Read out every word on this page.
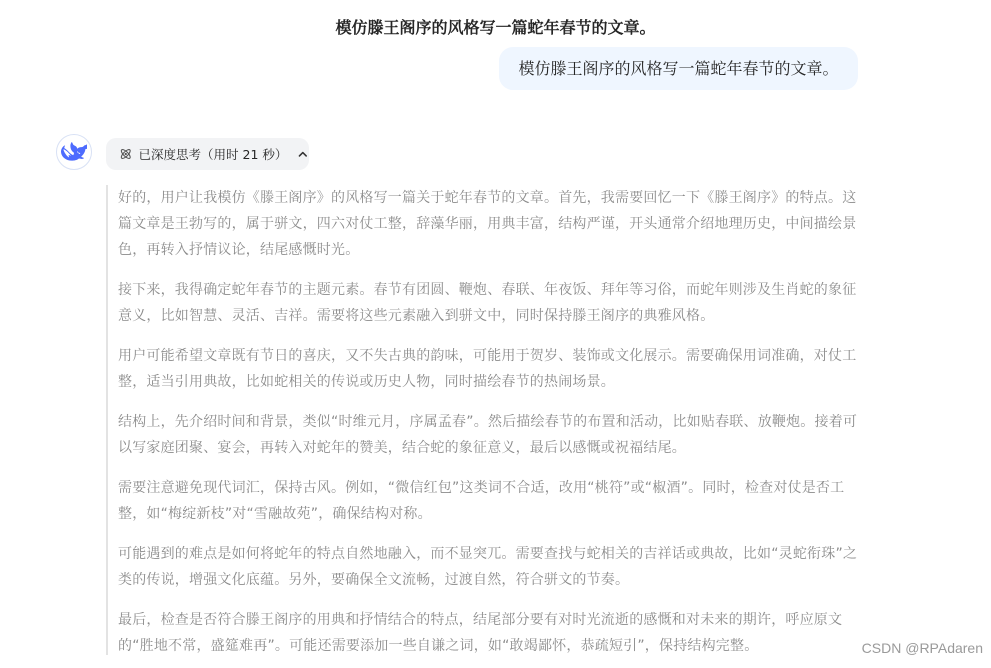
模仿滕王阁序的风格写一篇蛇年春节的文章。
模仿滕王阁序的风格写一篇蛇年春节的文章。
已深度思考（用时 21 秒）

好的，用户让我模仿《滕王阁序》的风格写一篇关于蛇年春节的文章。首先，我需要回忆一下《滕王阁序》的特点。这篇文章是王勃写的，属于骈文，四六对仗工整，辞藻华丽，用典丰富，结构严谨，开头通常介绍地理历史，中间描绘景色，再转入抒情议论，结尾感慨时光。

接下来，我得确定蛇年春节的主题元素。春节有团圆、鞭炮、春联、年夜饭、拜年等习俗，而蛇年则涉及生肖蛇的象征意义，比如智慧、灵活、吉祥。需要将这些元素融入到骈文中，同时保持滕王阁序的典雅风格。

用户可能希望文章既有节日的喜庆，又不失古典的韵味，可能用于贺岁、装饰或文化展示。需要确保用词准确，对仗工整，适当引用典故，比如蛇相关的传说或历史人物，同时描绘春节的热闹场景。

结构上，先介绍时间和背景，类似“时维元月，序属孟春”。然后描绘春节的布置和活动，比如贴春联、放鞭炮。接着可以写家庭团聚、宴会，再转入对蛇年的赞美，结合蛇的象征意义，最后以感慨或祝福结尾。

需要注意避免现代词汇，保持古风。例如，“微信红包”这类词不合适，改用“桃符”或“椒酒”。同时，检查对仗是否工整，如“梅绽新枝”对“雪融故苑”，确保结构对称。

可能遇到的难点是如何将蛇年的特点自然地融入，而不显突兀。需要查找与蛇相关的吉祥话或典故，比如“灵蛇衔珠”之类的传说，增强文化底蕴。另外，要确保全文流畅，过渡自然，符合骈文的节奏。

最后，检查是否符合滕王阁序的用典和抒情结合的特点，结尾部分要有对时光流逝的感慨和对未来的期许，呼应原文的“胜地不常，盛筵难再”。可能还需要添加一些自谦之词，如“敢竭鄙怀，恭疏短引”，保持结构完整。	CSDN @RPAdaren
